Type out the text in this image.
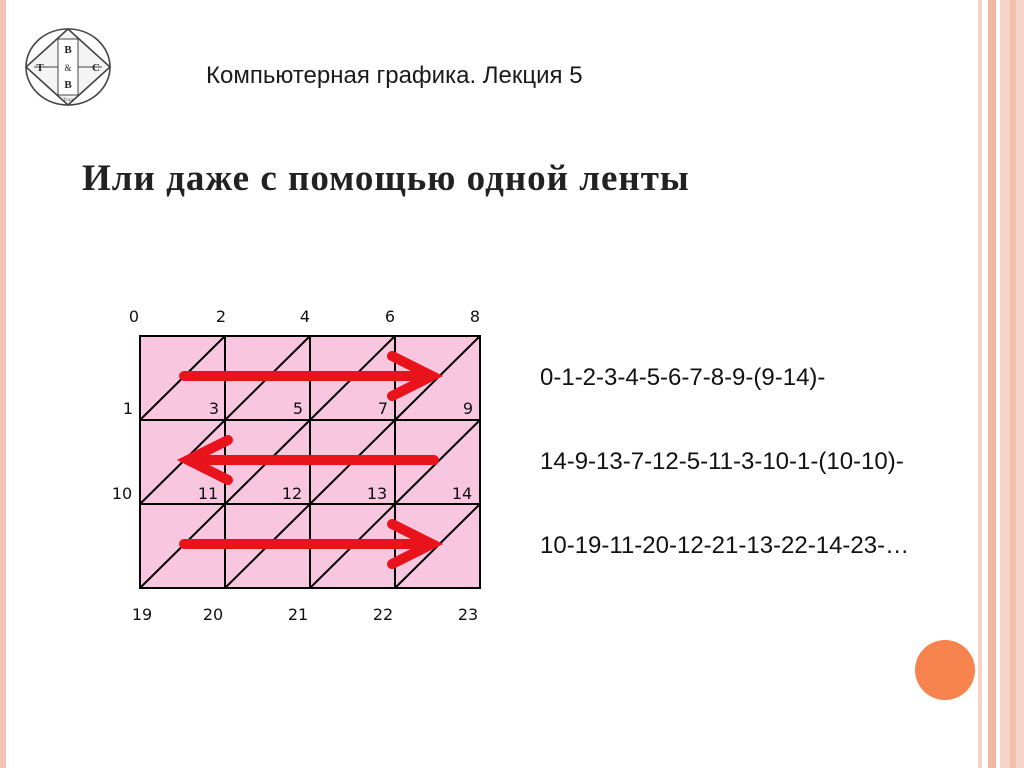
B
&
B
T	C
Тгад
Компьютерная графика. Лекция 5
Или даже с помощью одной ленты
0	2	4	6	8
1	3	5	7	9
10	11	12	13	14
19	20	21	22	23
0-1-2-3-4-5-6-7-8-9-(9-14)-
14-9-13-7-12-5-11-3-10-1-(10-10)-
10-19-11-20-12-21-13-22-14-23-…
